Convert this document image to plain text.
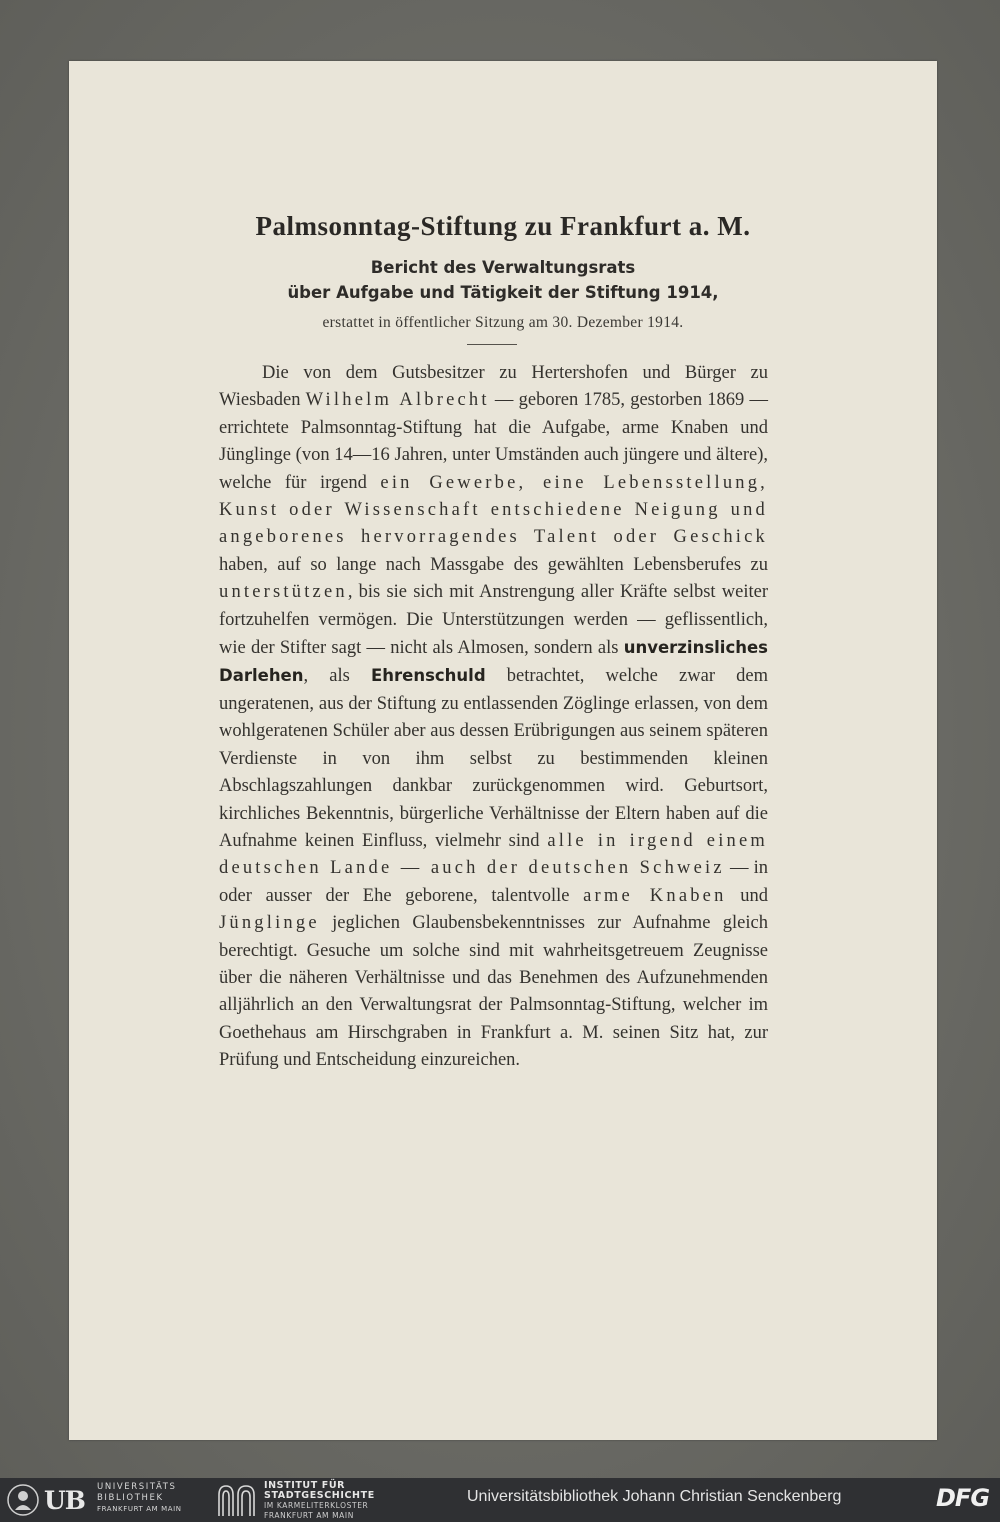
Palmsonntag-Stiftung zu Frankfurt a. M.
Bericht des Verwaltungsrats
über Aufgabe und Tätigkeit der Stiftung 1914,
erstattet in öffentlicher Sitzung am 30. Dezember 1914.

Die von dem Gutsbesitzer zu Hertershofen und Bürger zu Wiesbaden Wilhelm Albrecht — geboren 1785, gestorben 1869 — errichtete Palmsonntag-Stiftung hat die Aufgabe, arme Knaben und Jünglinge (von 14—16 Jahren, unter Umständen auch jüngere und ältere), welche für irgend ein Gewerbe, eine Lebensstellung, Kunst oder Wissenschaft entschiedene Neigung und angeborenes hervorragendes Talent oder Geschick haben, auf so lange nach Massgabe des gewählten Lebensberufes zu unterstützen, bis sie sich mit Anstrengung aller Kräfte selbst weiter fortzuhelfen vermögen. Die Unterstützungen werden — geflissentlich, wie der Stifter sagt — nicht als Almosen, sondern als unverzinsliches Darlehen, als Ehrenschuld betrachtet, welche zwar dem ungeratenen, aus der Stiftung zu entlassenden Zöglinge erlassen, von dem wohlgeratenen Schüler aber aus dessen Erübrigungen aus seinem späteren Verdienste in von ihm selbst zu bestimmenden kleinen Abschlagszahlungen dankbar zurückgenommen wird. Geburtsort, kirchliches Bekenntnis, bürgerliche Verhältnisse der Eltern haben auf die Aufnahme keinen Einfluss, vielmehr sind alle in irgend einem deutschen Lande — auch der deutschen Schweiz — in oder ausser der Ehe geborene, talentvolle arme Knaben und Jünglinge jeglichen Glaubensbekenntnisses zur Aufnahme gleich berechtigt. Gesuche um solche sind mit wahrheitsgetreuem Zeugnisse über die näheren Verhältnisse und das Benehmen des Aufzunehmenden alljährlich an den Verwaltungsrat der Palmsonntag-Stiftung, welcher im Goethehaus am Hirschgraben in Frankfurt a. M. seinen Sitz hat, zur Prüfung und Entscheidung einzureichen.

UB UNIVERSITÄTS
BIBLIOTHEK
FRANKFURT AM MAIN
INSTITUT FÜR
STADTGESCHICHTE
IM KARMELITERKLOSTER
FRANKFURT AM MAIN
Universitätsbibliothek Johann Christian Senckenberg	DFG
